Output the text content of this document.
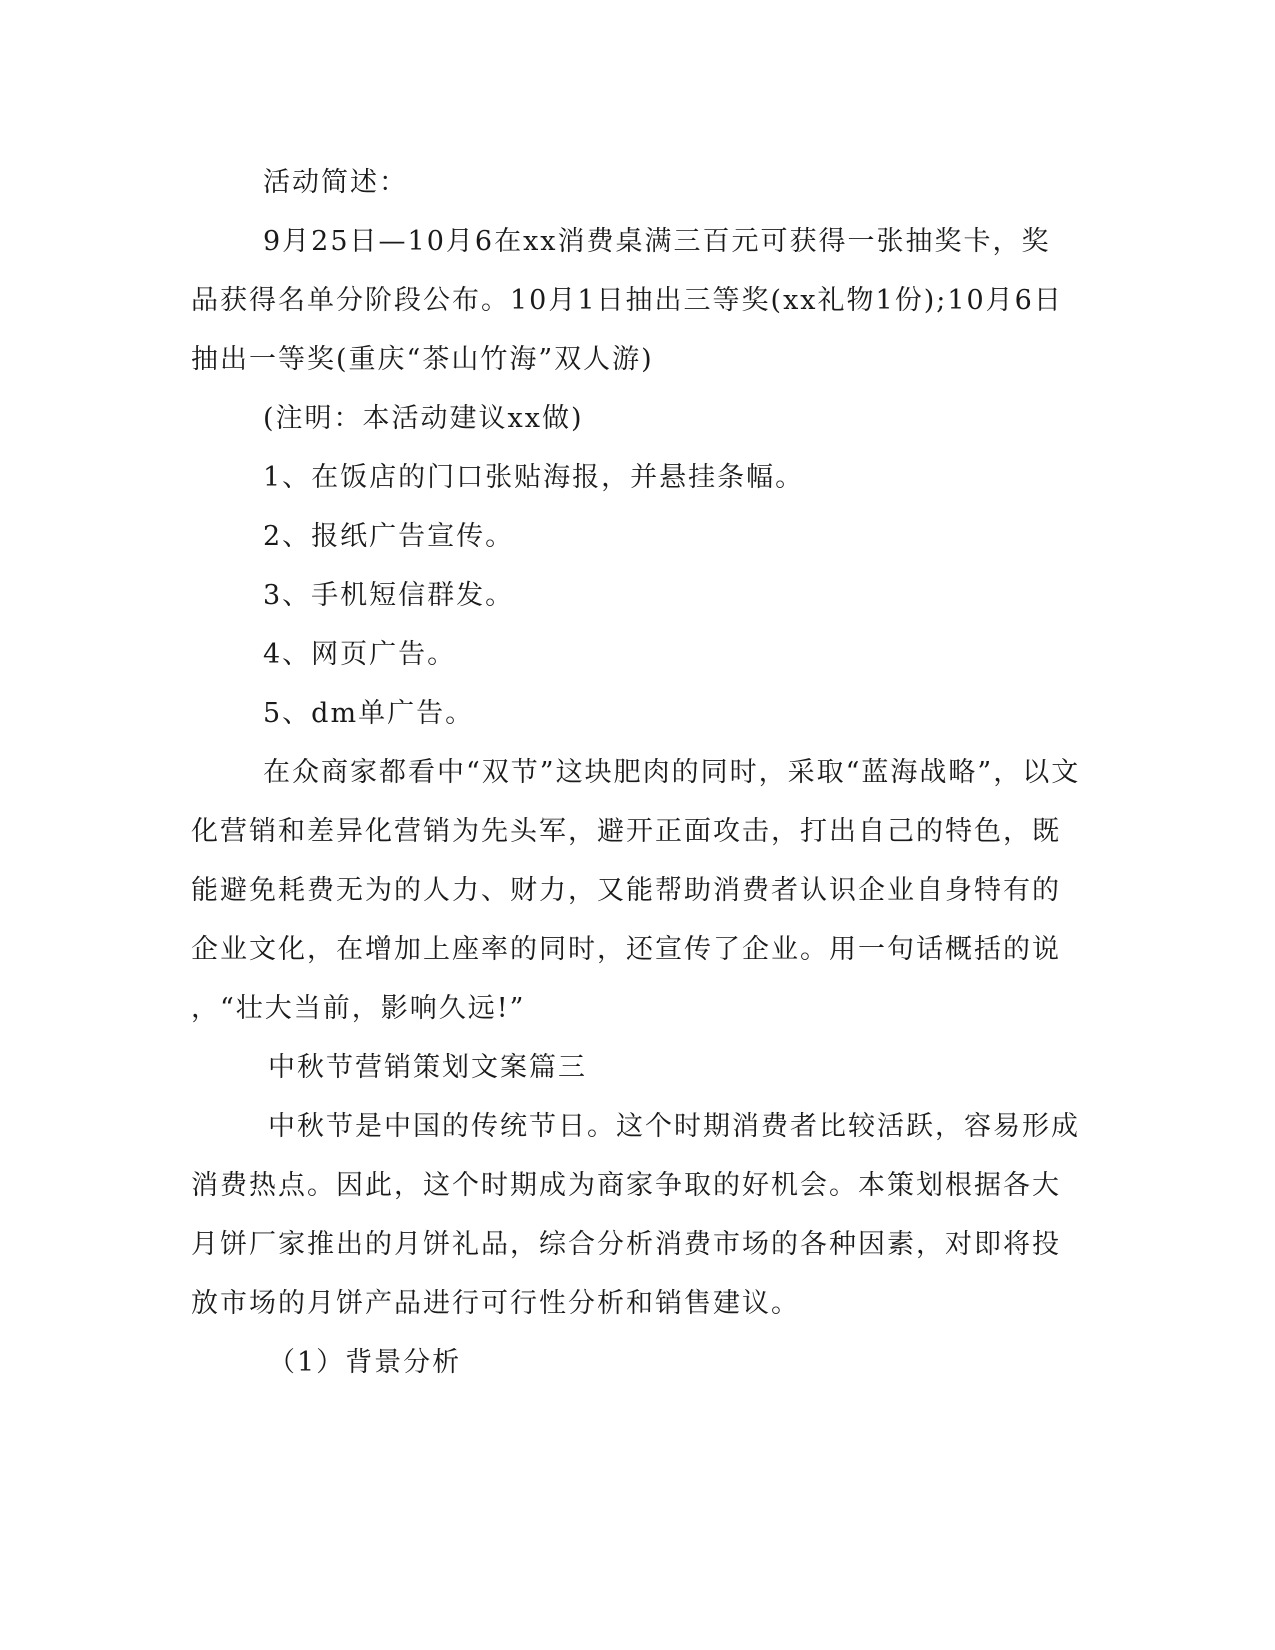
活动简述：

9月25日—10月6在xx消费桌满三百元可获得一张抽奖卡，奖

品获得名单分阶段公布。10月1日抽出三等奖(xx礼物1份);10月6日

抽出一等奖(重庆“茶山竹海”双人游)

(注明：本活动建议xx做)

1、在饭店的门口张贴海报，并悬挂条幅。

2、报纸广告宣传。

3、手机短信群发。

4、网页广告。

5、dm单广告。

在众商家都看中“双节”这块肥肉的同时，采取“蓝海战略”，以文

化营销和差异化营销为先头军，避开正面攻击，打出自己的特色，既

能避免耗费无为的人力、财力，又能帮助消费者认识企业自身特有的

企业文化，在增加上座率的同时，还宣传了企业。用一句话概括的说

，“壮大当前，影响久远!”

中秋节营销策划文案篇三

中秋节是中国的传统节日。这个时期消费者比较活跃，容易形成

消费热点。因此，这个时期成为商家争取的好机会。本策划根据各大

月饼厂家推出的月饼礼品，综合分析消费市场的各种因素，对即将投

放市场的月饼产品进行可行性分析和销售建议。

（1）背景分析
